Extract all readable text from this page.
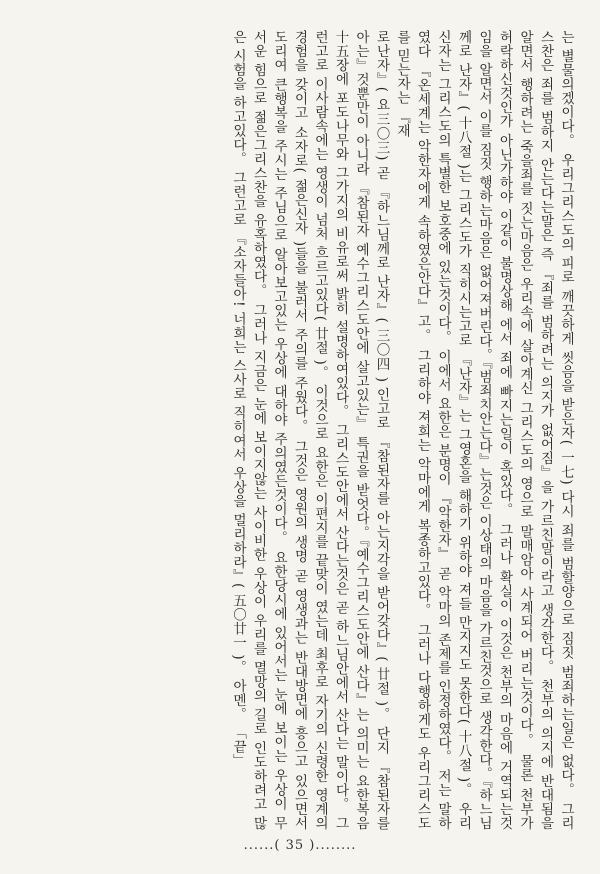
는 별물의겠이다。 우리그리스도의 피로 깨끗하게 씻음을 받은자( 一七) 다시 죄를 범할양으로 짐짓 범죄하는일은 없다。 그리스찬은 죄를 범하지 안는다는말은 즉 『죄를 범하려는 의지가 없어짐』을 가르친말이라고 생각한다。 천부의 의지에 반대됨을 알면서 행하려는 죽을죄를 짓는마음은 우리속에 살아계신 그리스도의 영으로 말매암아 사계되어 버리는것이다。 물론 천부가 허락하신것인가 아닌가하야 이같이 불명상해 에서 죄에 빠지는일이 혹있다。 그러나 확실이 이것은 천부의 마음에 거역되는것임을 알면서 이를 짐짓 행하는마음은 없어져버린다。『범죄치안는다』는것은 이상태의 마음을 가르친것으로 생각한다。『하느님께로 난자』( 十八절 )는 그리스도가 직히시는고로 『난자』는 그영혼을 해하기 위하야 져들 만지지도 못한다( 十八절 )。 우리신자는 그리스도의 특별한 보호중에 있는것이다。 이에서 요한은 분명이 『악한자』 곧 악마의 존제를 인정하였다。 저는 말하였다 『온세계는 악한자에게 속하였은안다』고。 그리하야 져희는 악마에게 복종하고있다。 그러나 다행하게도 우리그리스도를 믿는자는 『재

로난자』( 요三〇三) 곧 『하느님께로 난자』( 三〇四 ) 인고로 『참된자를 아는지각을 받어갖다』( 廿절 )。 단지 『참된자를 아는』것뿐만이 아니라 『참된자 예수그리스도안에 살고있는』 특권을 받엇다。『예수그리스도안에 산다』는 의미는 요한복음 十五장에 포도나무와 그가지의 비유로써 밝히 설명하여있다。 그리스도안에서 산다는것은 곧 하느님안에서 산다는 말이다。 그런고로 이사람속에는 영생이 넘처 흐르고있다( 廿절 )。 이것으로 요한은 이편지를 끝맞이 였는데 최후로 자기의 신령한 영계의 경험을 갖이고 소자로( 젊은신자 )들을 불러서 주의를 주웠다。 그것은 영원의 생명 곧 영생과는 반대방면에 흥으고 있으면서 도리여 큰행복을 주시는 주님으로 알아보고있는 우상에 대하야 주의였든것이다。 요한당시에 있어서는 눈에 보이는 우상이 무서운 힘으로 젊은그리스찬을 유혹하였다。 그러나 지금은 눈에 보이지않는 사이비한 우상이 우리를 멸망의 길로 인도하려고 많은 시험을 하고있다。 그런고로 『소자들아! 너희는 스사로 직히여서 우상을 멀리하라』( 五〇廿一 )。 아멘。 「끝」

......( 35 )........
